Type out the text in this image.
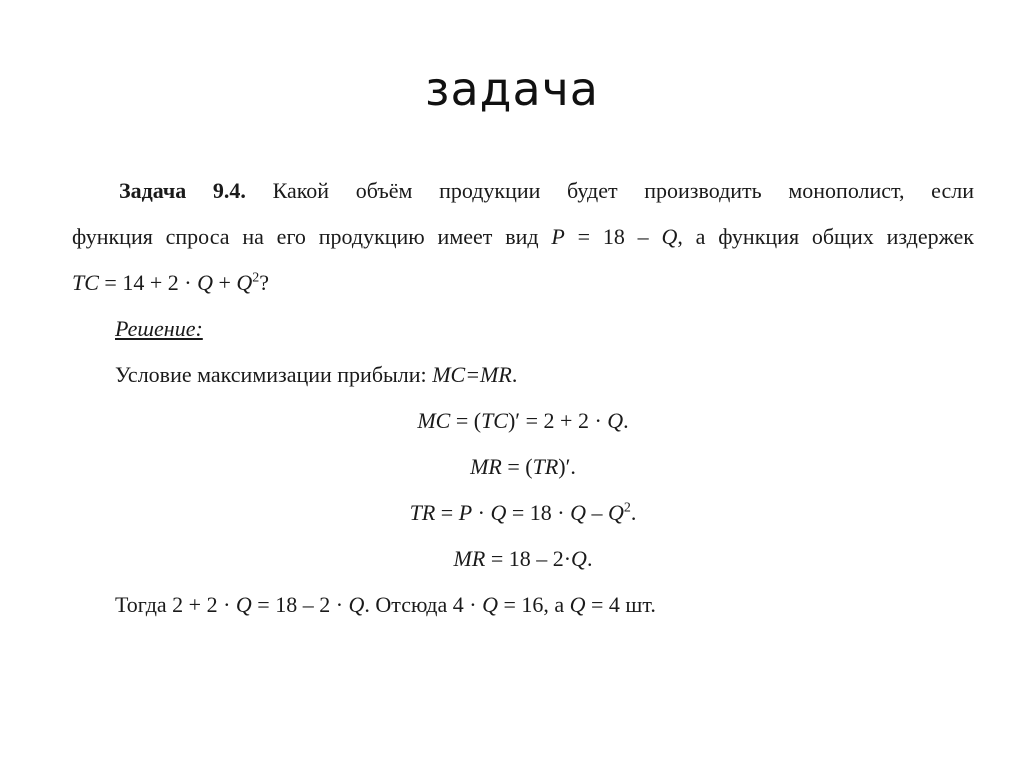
задача
Задача 9.4. Какой объём продукции будет производить монополист, если
функция спроса на его продукцию имеет вид P = 18 – Q, а функция общих издержек
TC = $14 + 2 \cdot Q + Q^2$?
Решение:
Условие максимизации прибыли: MC=MR.
MC = (TC)′ = 2 + 2 · Q.
MR = (TR)′.
TR = $P \cdot Q = 18 \cdot Q - Q^2$.
MR = 18 – 2·Q.
Тогда 2 + 2 · Q = 18 – 2 · Q. Отсюда 4 · Q = 16, а Q = 4 шт.
